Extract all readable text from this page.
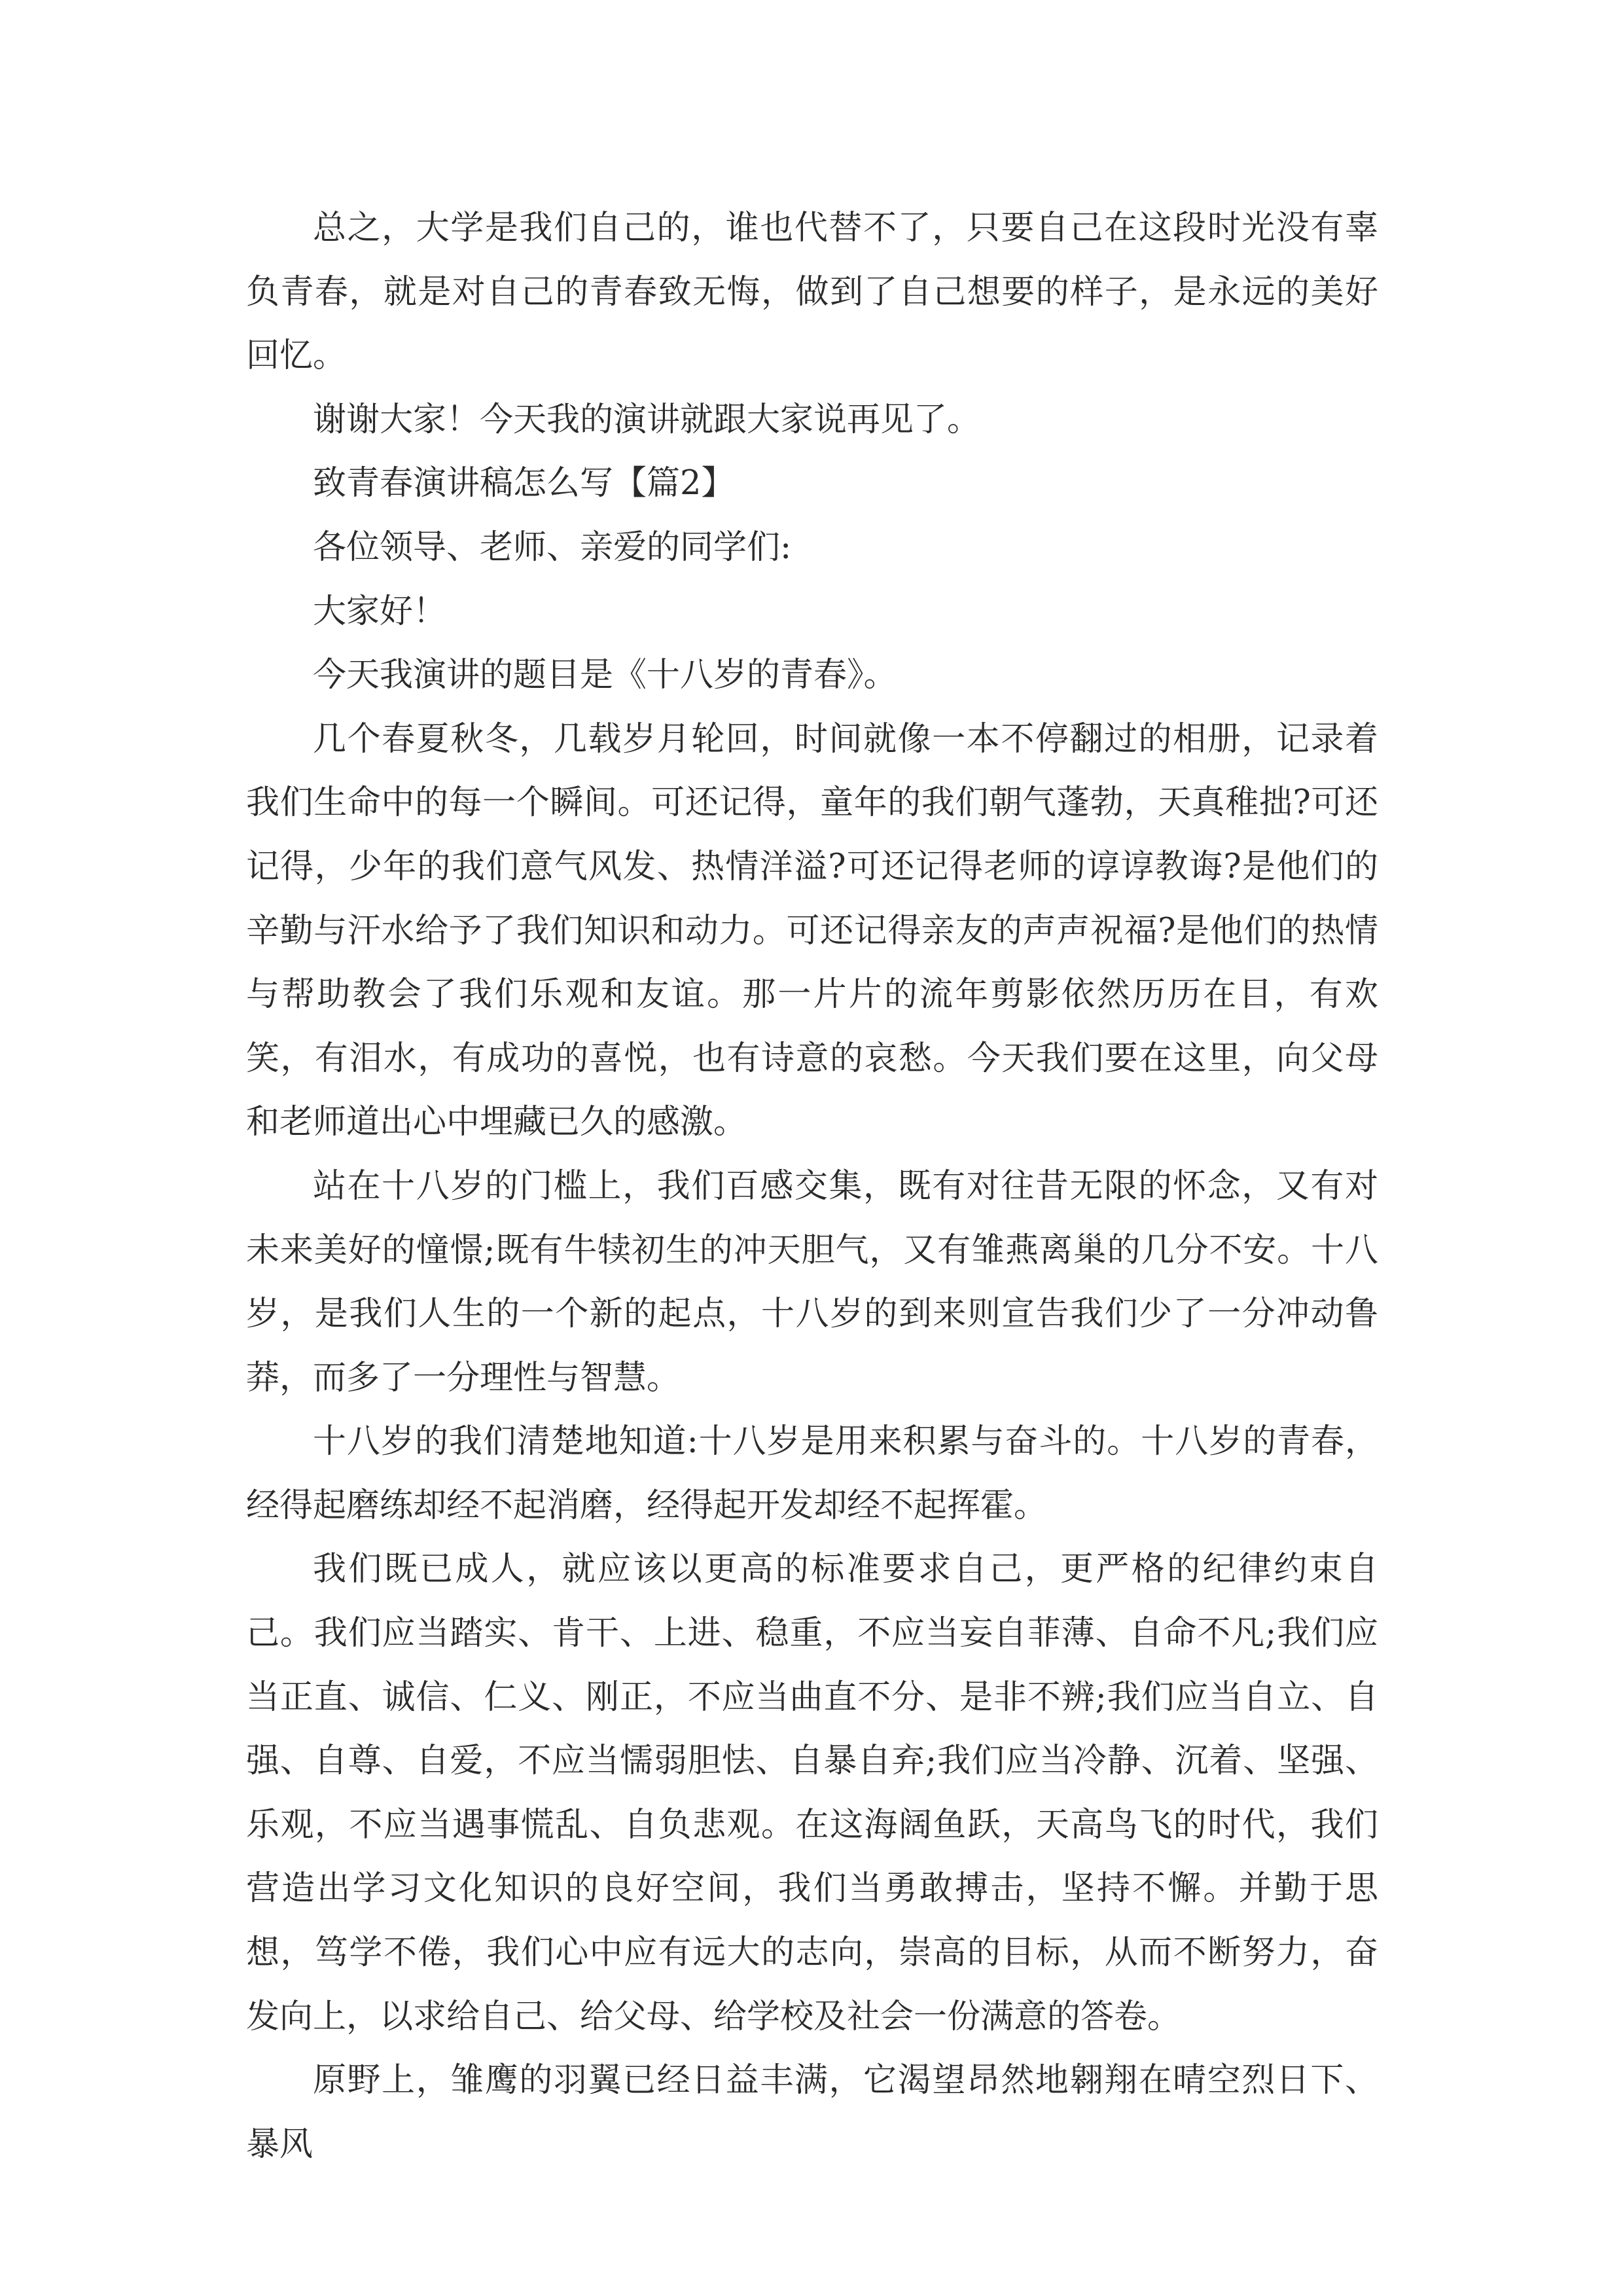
总之，大学是我们自己的，谁也代替不了，只要自己在这段时光没有辜负青春，就是对自己的青春致无悔，做到了自己想要的样子，是永远的美好回忆。

谢谢大家！今天我的演讲就跟大家说再见了。

致青春演讲稿怎么写【篇2】

各位领导、老师、亲爱的同学们:

大家好！

今天我演讲的题目是《十八岁的青春》。

几个春夏秋冬，几载岁月轮回，时间就像一本不停翻过的相册，记录着我们生命中的每一个瞬间。可还记得，童年的我们朝气蓬勃，天真稚拙?可还记得，少年的我们意气风发、热情洋溢?可还记得老师的谆谆教诲?是他们的辛勤与汗水给予了我们知识和动力。可还记得亲友的声声祝福?是他们的热情与帮助教会了我们乐观和友谊。那一片片的流年剪影依然历历在目，有欢笑，有泪水，有成功的喜悦，也有诗意的哀愁。今天我们要在这里，向父母和老师道出心中埋藏已久的感激。

站在十八岁的门槛上，我们百感交集，既有对往昔无限的怀念，又有对未来美好的憧憬;既有牛犊初生的冲天胆气，又有雏燕离巢的几分不安。十八岁，是我们人生的一个新的起点，十八岁的到来则宣告我们少了一分冲动鲁莽，而多了一分理性与智慧。

十八岁的我们清楚地知道:十八岁是用来积累与奋斗的。十八岁的青春，经得起磨练却经不起消磨，经得起开发却经不起挥霍。

我们既已成人，就应该以更高的标准要求自己，更严格的纪律约束自己。我们应当踏实、肯干、上进、稳重，不应当妄自菲薄、自命不凡;我们应当正直、诚信、仁义、刚正，不应当曲直不分、是非不辨;我们应当自立、自强、自尊、自爱，不应当懦弱胆怯、自暴自弃;我们应当冷静、沉着、坚强、乐观，不应当遇事慌乱、自负悲观。在这海阔鱼跃，天高鸟飞的时代，我们营造出学习文化知识的良好空间，我们当勇敢搏击，坚持不懈。并勤于思想，笃学不倦，我们心中应有远大的志向，崇高的目标，从而不断努力，奋发向上，以求给自己、给父母、给学校及社会一份满意的答卷。

原野上，雏鹰的羽翼已经日益丰满，它渴望昂然地翱翔在晴空烈日下、暴风
